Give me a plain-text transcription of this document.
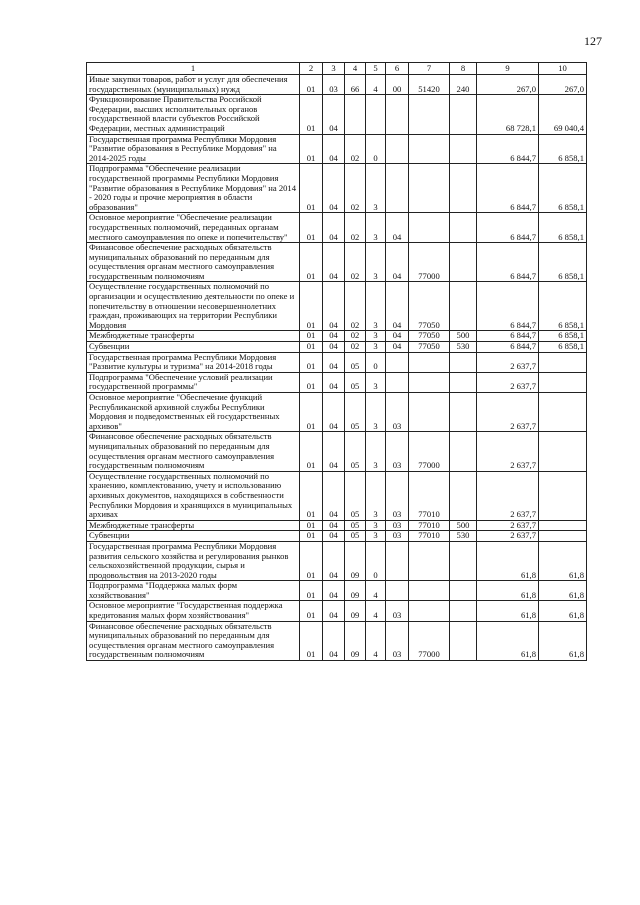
127
1	2	3	4	5	6	7	8	9	10
Иные закупки товаров, работ и услуг для обеспечения государственных (муниципальных) нужд	01	03	66	4	00	51420	240	267,0	267,0
Функционирование Правительства Российской Федерации, высших исполнительных органов государственной власти субъектов Российской Федерации, местных администраций	01	04						68 728,1	69 040,4
Государственная программа Республики Мордовия "Развитие образования в Республике Мордовия" на 2014-2025 годы	01	04	02	0				6 844,7	6 858,1
Подпрограмма "Обеспечение реализации государственной программы Республики Мордовия "Развитие образования в Республике Мордовия" на 2014 - 2020 годы и прочие мероприятия в области образования"	01	04	02	3				6 844,7	6 858,1
Основное мероприятие "Обеспечение реализации государственных полномочий, переданных органам местного самоуправления по опеке и попечительству"	01	04	02	3	04			6 844,7	6 858,1
Финансовое обеспечение расходных обязательств муниципальных образований по переданным для осуществления органам местного самоуправления государственным полномочиям	01	04	02	3	04	77000		6 844,7	6 858,1
Осуществление государственных полномочий по организации и осуществлению деятельности по опеке и попечительству в отношении несовершеннолетних граждан, проживающих на территории Республики Мордовия	01	04	02	3	04	77050		6 844,7	6 858,1
Межбюджетные трансферты	01	04	02	3	04	77050	500	6 844,7	6 858,1
Субвенции	01	04	02	3	04	77050	530	6 844,7	6 858,1
Государственная программа Республики Мордовия "Развитие культуры и туризма" на 2014-2018 годы	01	04	05	0				2 637,7	
Подпрограмма "Обеспечение условий реализации государственной программы"	01	04	05	3				2 637,7	
Основное мероприятие "Обеспечение функций Республиканской архивной службы Республики Мордовия и подведомственных ей государственных архивов"	01	04	05	3	03			2 637,7	
Финансовое обеспечение расходных обязательств муниципальных образований по переданным для осуществления органам местного самоуправления государственным полномочиям	01	04	05	3	03	77000		2 637,7	
Осуществление государственных полномочий по хранению, комплектованию, учету и использованию архивных документов, находящихся в собственности Республики Мордовия и хранящихся в муниципальных архивах	01	04	05	3	03	77010		2 637,7	
Межбюджетные трансферты	01	04	05	3	03	77010	500	2 637,7	
Субвенции	01	04	05	3	03	77010	530	2 637,7	
Государственная программа Республики Мордовия развития сельского хозяйства и регулирования рынков сельскохозяйственной продукции, сырья и продовольствия на 2013-2020 годы	01	04	09	0				61,8	61,8
Подпрограмма "Поддержка малых форм хозяйствования"	01	04	09	4				61,8	61,8
Основное мероприятие "Государственная поддержка кредитования малых форм хозяйствования"	01	04	09	4	03			61,8	61,8
Финансовое обеспечение расходных обязательств муниципальных образований по переданным для осуществления органам местного самоуправления государственным полномочиям	01	04	09	4	03	77000		61,8	61,8
